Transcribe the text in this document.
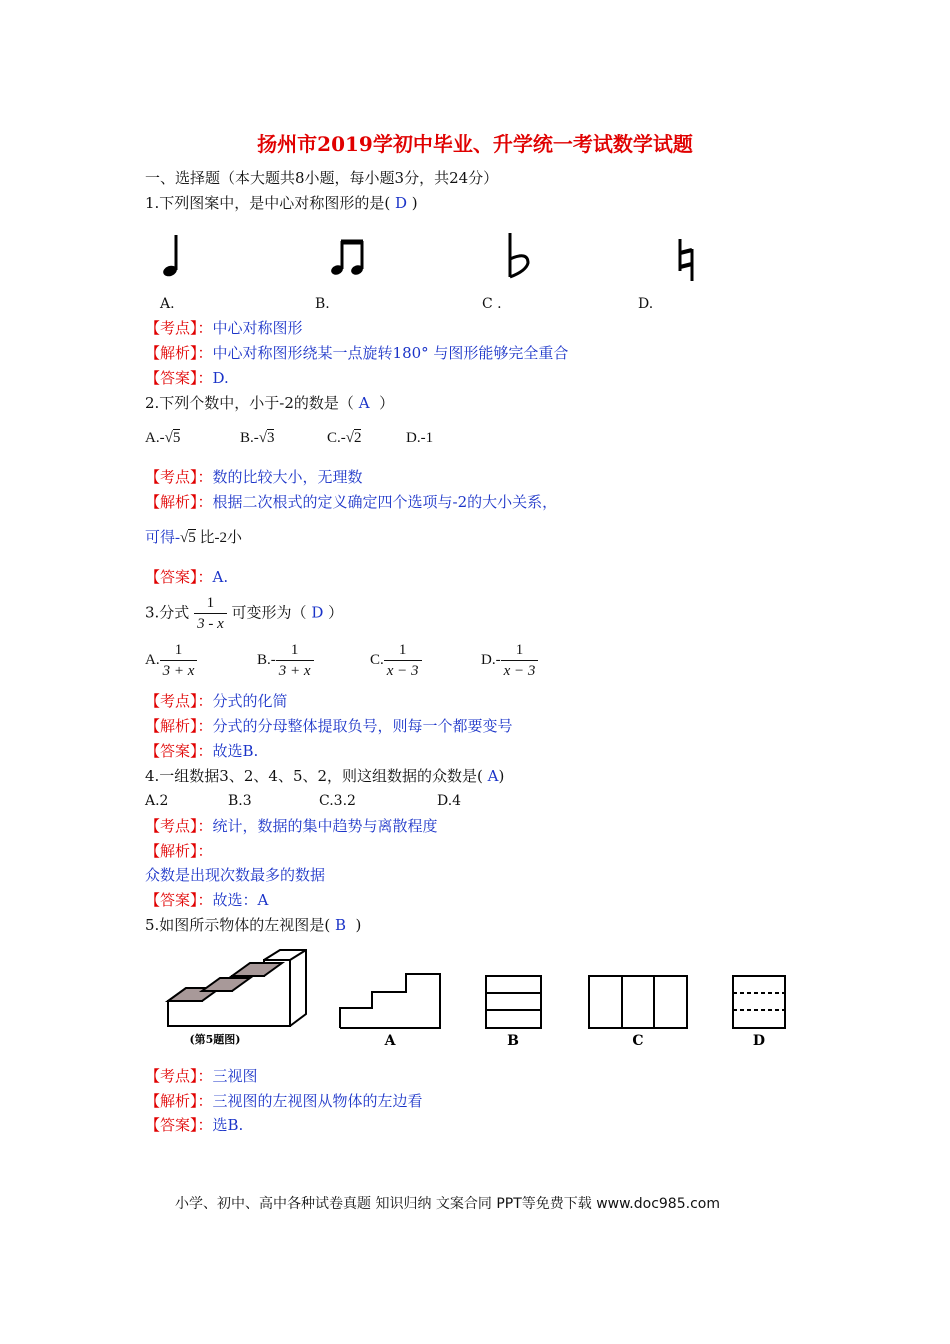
扬州市2019学初中毕业、升学统一考试数学试题
一、选择题（本大题共8小题，每小题3分，共24分）
1.下列图案中，是中心对称图形的是( D )
A.	B.	C .	D.
【考点】：中心对称图形
【解析】：中心对称图形绕某一点旋转180° 与图形能够完全重合
【答案】：D.
2.下列个数中，小于-2的数是（ A ）
A.-√5	B.-√3	C.-√2	D.-1
【考点】：数的比较大小，无理数
【解析】：根据二次根式的定义确定四个选项与-2的大小关系，
可得-√5 比-2小
【答案】：A.
3.分式 $\frac{1}{3 - x}$ 可变形为（ D ）
A. $\frac{1}{3 + x}$	$B.- \frac{1}{3 + x}$	C. $\frac{1}{x - 3}$	$D.- \frac{1}{x - 3}$
【考点】：分式的化简
【解析】：分式的分母整体提取负号，则每一个都要变号
【答案】：故选B.
4.一组数据3、2、4、5、2，则这组数据的众数是( A)
A.2	B.3	C.3.2	D.4
【考点】：统计，数据的集中趋势与离散程度
【解析】：
众数是出现次数最多的数据
【答案】：故选：A
5.如图所示物体的左视图是( B )
(第5题图)	A	B	C	D
【考点】：三视图
【解析】：三视图的左视图从物体的左边看
【答案】：选B.
小学、初中、高中各种试卷真题 知识归纳 文案合同 PPT等免费下载 www.doc985.com
